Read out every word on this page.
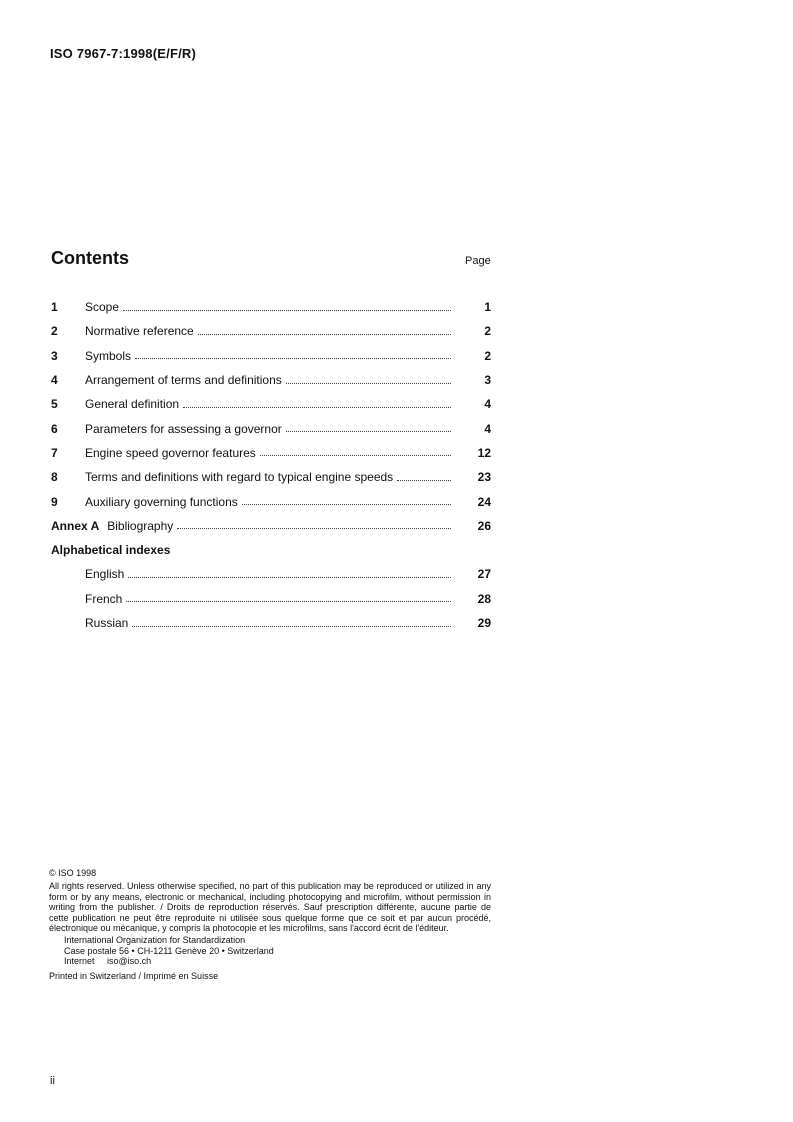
ISO 7967-7:1998(E/F/R)
Contents	Page
1	Scope	1
2	Normative reference	2
3	Symbols	2
4	Arrangement of terms and definitions	3
5	General definition	4
6	Parameters for assessing a governor	4
7	Engine speed governor features	12
8	Terms and definitions with regard to typical engine speeds	23
9	Auxiliary governing functions	24
Annex A Bibliography	26
Alphabetical indexes
English	27
French	28
Russian	29
© ISO 1998
All rights reserved. Unless otherwise specified, no part of this publication may be reproduced or utilized in any form or by any means, electronic or mechanical, including photocopying and microfilm, without permission in writing from the publisher. / Droits de reproduction réservés. Sauf prescription différente, aucune partie de cette publication ne peut être reproduite ni utilisée sous quelque forme que ce soit et par aucun procédé, électronique ou mécanique, y compris la photocopie et les microfilms, sans l'accord écrit de l'éditeur.
International Organization for Standardization
Case postale 56 • CH-1211 Genève 20 • Switzerland
Internet     iso@iso.ch
Printed in Switzerland / Imprimé en Suisse
ii
